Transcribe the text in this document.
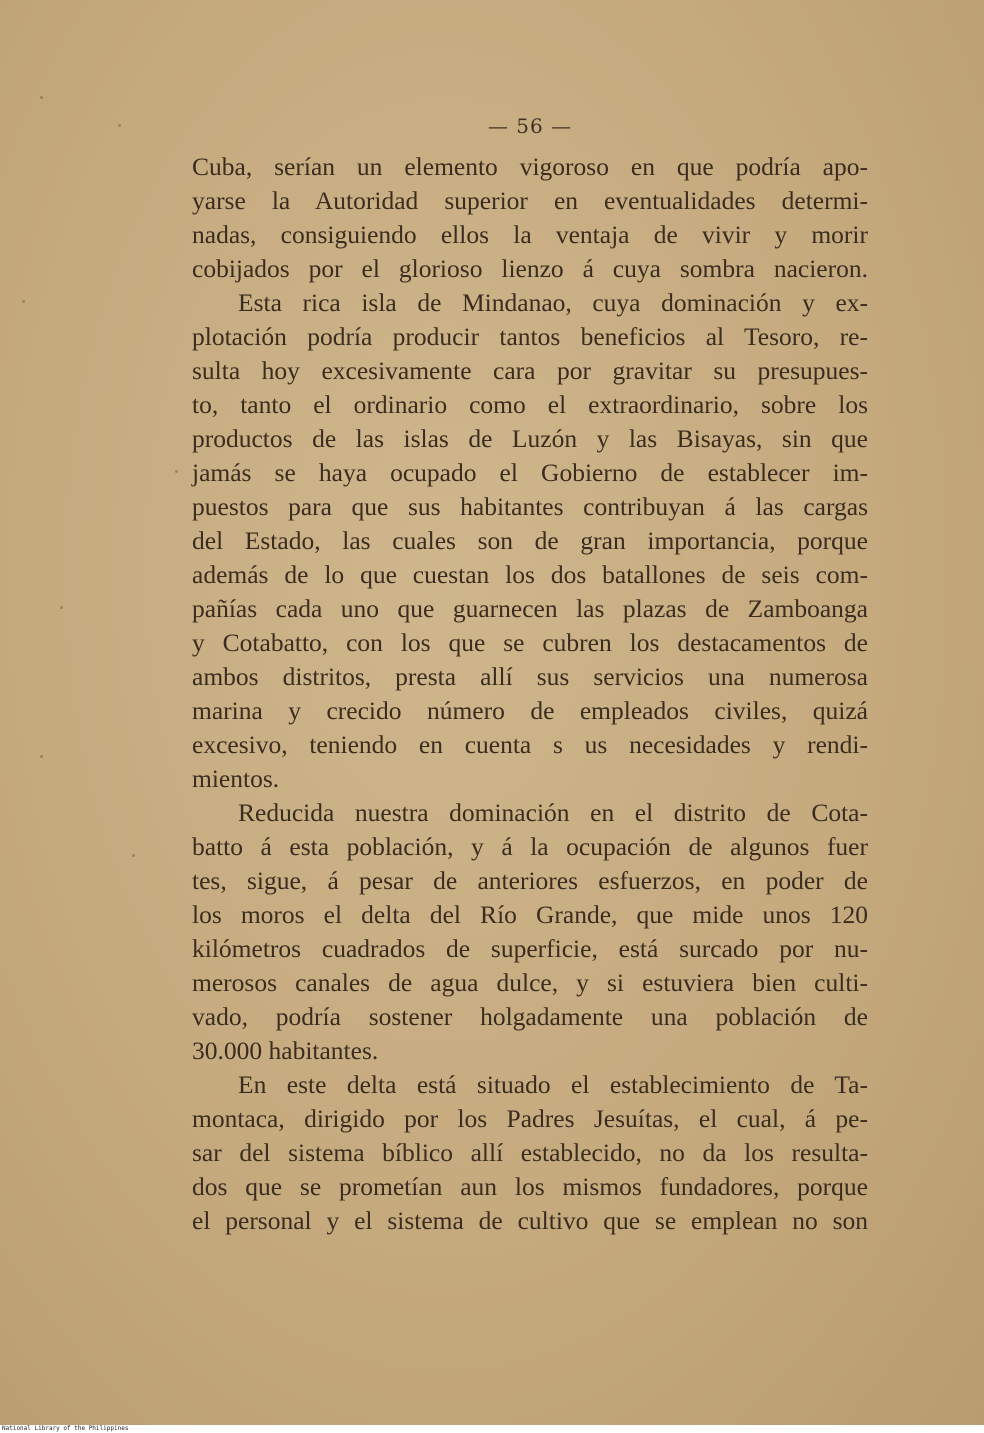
— 56 —
Cuba, serían un elemento vigoroso en que podría apo-
yarse la Autoridad superior en eventualidades determi-
nadas, consiguiendo ellos la ventaja de vivir y morir
cobijados por el glorioso lienzo á cuya sombra nacieron.
Esta rica isla de Mindanao, cuya dominación y ex-
plotación podría producir tantos beneficios al Tesoro, re-
sulta hoy excesivamente cara por gravitar su presupues-
to, tanto el ordinario como el extraordinario, sobre los
productos de las islas de Luzón y las Bisayas, sin que
jamás se haya ocupado el Gobierno de establecer im-
puestos para que sus habitantes contribuyan á las cargas
del Estado, las cuales son de gran importancia, porque
además de lo que cuestan los dos batallones de seis com-
pañías cada uno que guarnecen las plazas de Zamboanga
y Cotabatto, con los que se cubren los destacamentos de
ambos distritos, presta allí sus servicios una numerosa
marina y crecido número de empleados civiles, quizá
excesivo, teniendo en cuenta s us necesidades y rendi-
mientos.
Reducida nuestra dominación en el distrito de Cota-
batto á esta población, y á la ocupación de algunos fuer
tes, sigue, á pesar de anteriores esfuerzos, en poder de
los moros el delta del Río Grande, que mide unos 120
kilómetros cuadrados de superficie, está surcado por nu-
merosos canales de agua dulce, y si estuviera bien culti-
vado, podría sostener holgadamente una población de
30.000 habitantes.
En este delta está situado el establecimiento de Ta-
montaca, dirigido por los Padres Jesuítas, el cual, á pe-
sar del sistema bíblico allí establecido, no da los resulta-
dos que se prometían aun los mismos fundadores, porque
el personal y el sistema de cultivo que se emplean no son
National Library of the Philippines
